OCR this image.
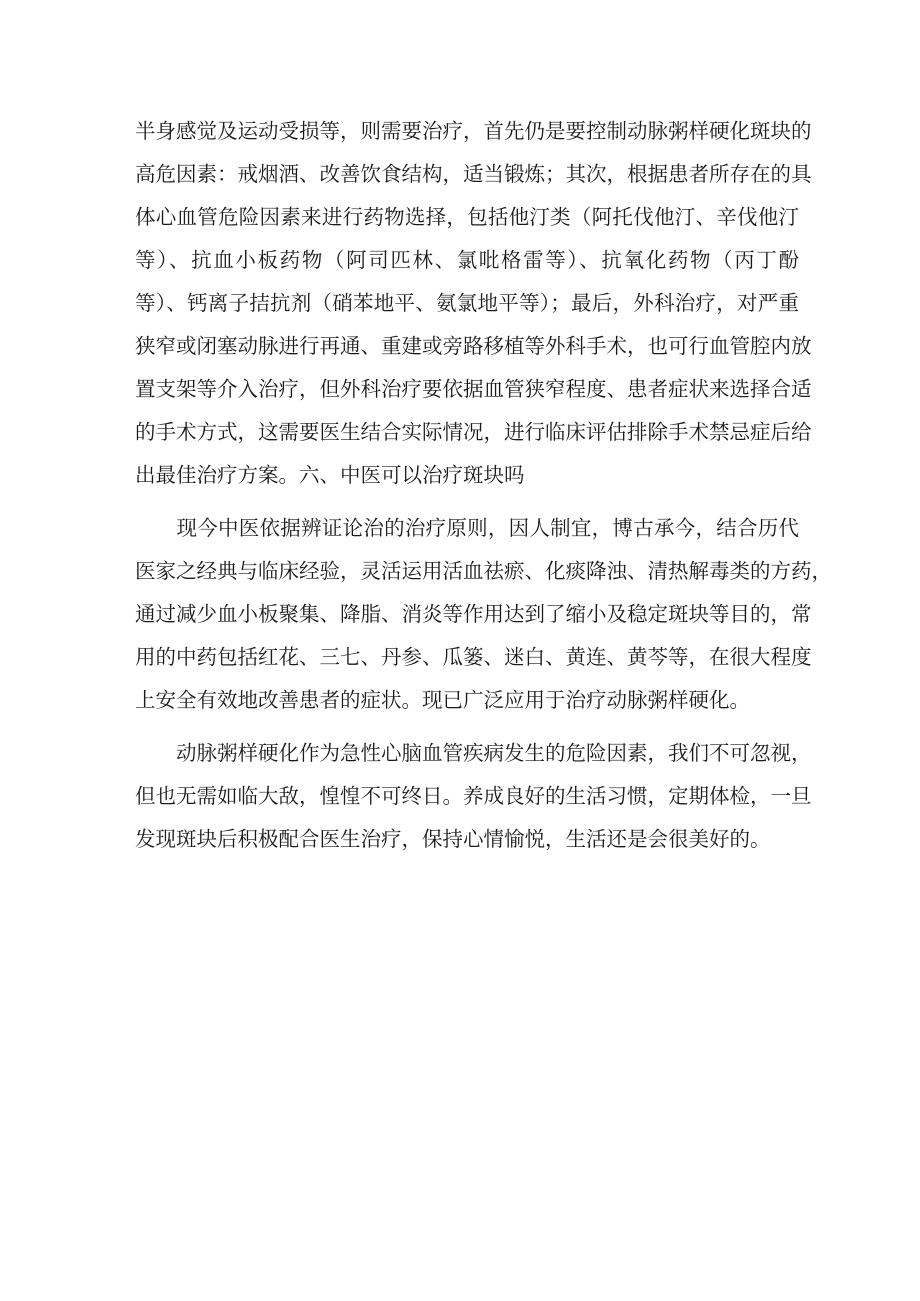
半身感觉及运动受损等，则需要治疗，首先仍是要控制动脉粥样硬化斑块的
高危因素：戒烟酒、改善饮食结构，适当锻炼；其次，根据患者所存在的具
体心血管危险因素来进行药物选择，包括他汀类（阿托伐他汀、辛伐他汀
等）、抗血小板药物（阿司匹林、氯吡格雷等）、抗氧化药物（丙丁酚
等）、钙离子拮抗剂（硝苯地平、氨氯地平等）；最后，外科治疗，对严重
狭窄或闭塞动脉进行再通、重建或旁路移植等外科手术，也可行血管腔内放
置支架等介入治疗，但外科治疗要依据血管狭窄程度、患者症状来选择合适
的手术方式，这需要医生结合实际情况，进行临床评估排除手术禁忌症后给
出最佳治疗方案。六、中医可以治疗斑块吗
　　现今中医依据辨证论治的治疗原则，因人制宜，博古承今，结合历代
医家之经典与临床经验，灵活运用活血祛瘀、化痰降浊、清热解毒类的方药，
通过减少血小板聚集、降脂、消炎等作用达到了缩小及稳定斑块等目的，常
用的中药包括红花、三七、丹参、瓜篓、迷白、黄连、黄芩等，在很大程度
上安全有效地改善患者的症状。现已广泛应用于治疗动脉粥样硬化。
　　动脉粥样硬化作为急性心脑血管疾病发生的危险因素，我们不可忽视，
但也无需如临大敌，惶惶不可终日。养成良好的生活习惯，定期体检，一旦
发现斑块后积极配合医生治疗，保持心情愉悦，生活还是会很美好的。
